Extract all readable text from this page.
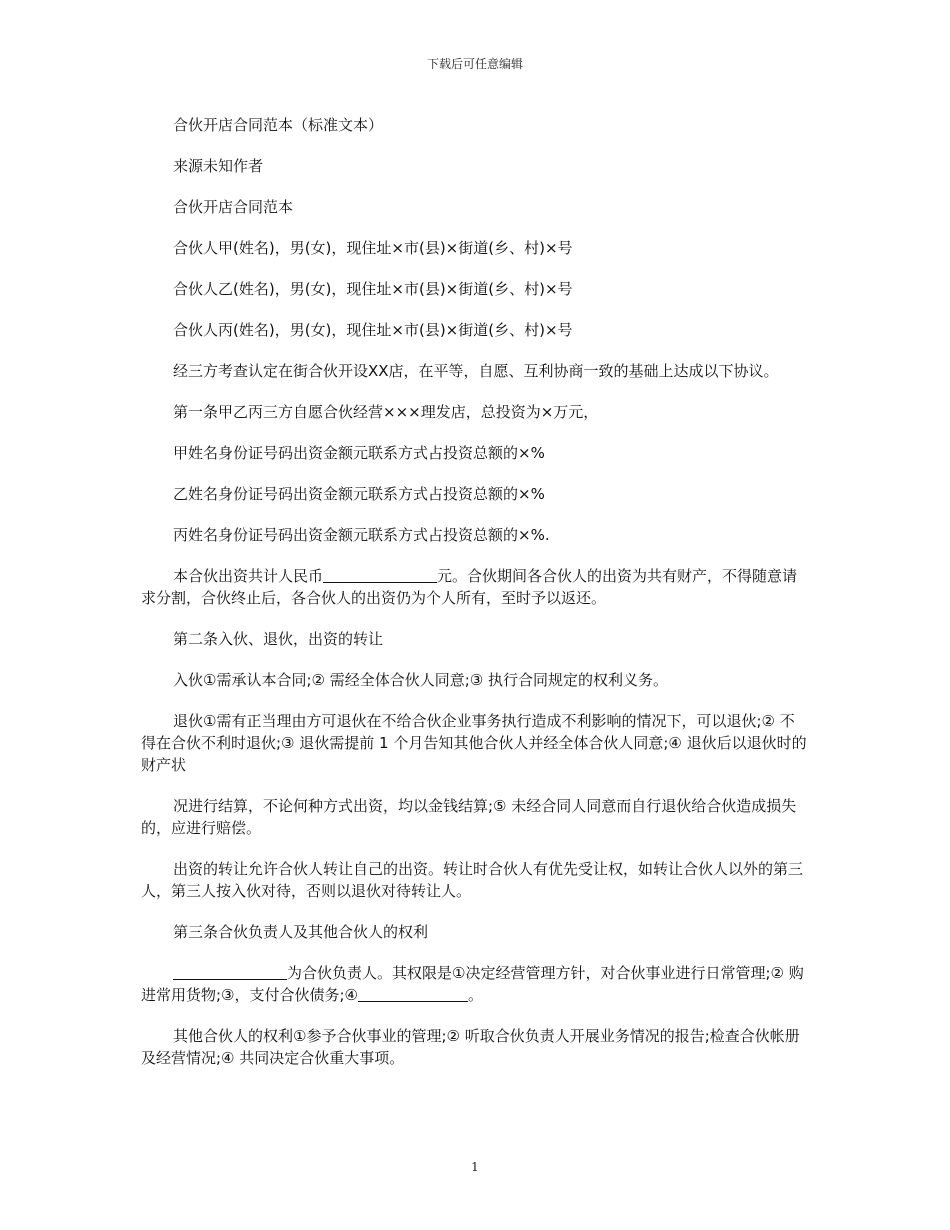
下载后可任意编辑

合伙开店合同范本（标准文本）

来源未知作者

合伙开店合同范本

合伙人甲(姓名)，男(女)，现住址×市(县)×街道(乡、村)×号

合伙人乙(姓名)，男(女)，现住址×市(县)×街道(乡、村)×号

合伙人丙(姓名)，男(女)，现住址×市(县)×街道(乡、村)×号

经三方考查认定在街合伙开设XX店，在平等，自愿、互利协商一致的基础上达成以下协议。

第一条甲乙丙三方自愿合伙经营×××理发店，总投资为×万元，

甲姓名身份证号码出资金额元联系方式占投资总额的×%

乙姓名身份证号码出资金额元联系方式占投资总额的×%

丙姓名身份证号码出资金额元联系方式占投资总额的×%.

本合伙出资共计人民币	元。合伙期间各合伙人的出资为共有财产，不得随意请求分割，合伙终止后，各合伙人的出资仍为个人所有，至时予以返还。

第二条入伙、退伙，出资的转让

入伙①需承认本合同;② 需经全体合伙人同意;③ 执行合同规定的权利义务。

退伙①需有正当理由方可退伙在不给合伙企业事务执行造成不利影响的情况下，可以退伙;② 不得在合伙不利时退伙;③ 退伙需提前 1 个月告知其他合伙人并经全体合伙人同意;④ 退伙后以退伙时的财产状

况进行结算，不论何种方式出资，均以金钱结算;⑤ 未经合同人同意而自行退伙给合伙造成损失的，应进行赔偿。

出资的转让允许合伙人转让自己的出资。转让时合伙人有优先受让权，如转让合伙人以外的第三人，第三人按入伙对待，否则以退伙对待转让人。

第三条合伙负责人及其他合伙人的权利

为合伙负责人。其权限是①决定经营管理方针，对合伙事业进行日常管理;② 购进常用货物;③，支付合伙债务;④	。

其他合伙人的权利①参予合伙事业的管理;② 听取合伙负责人开展业务情况的报告;检查合伙帐册及经营情况;④ 共同决定合伙重大事项。

1
